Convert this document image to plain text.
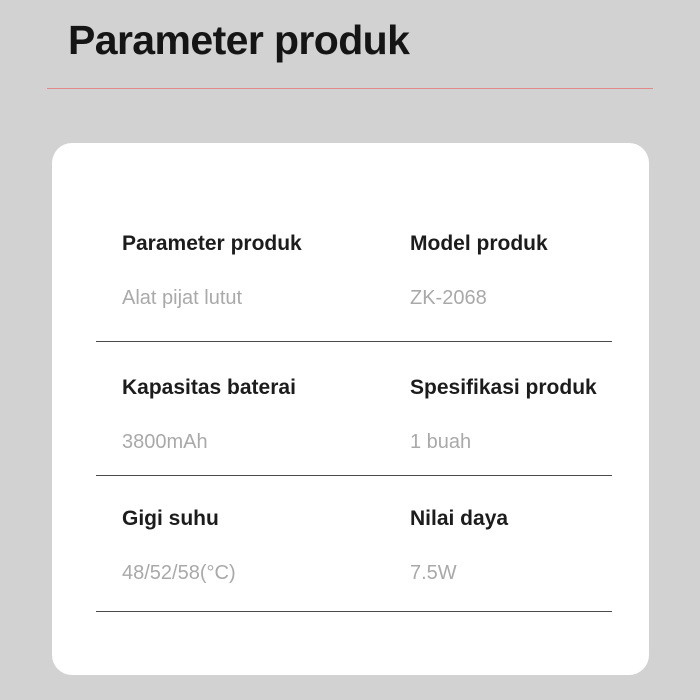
Parameter produk
Parameter produk
Alat pijat lutut
Model produk
ZK-2068
Kapasitas baterai
3800mAh
Spesifikasi produk
1 buah
Gigi suhu
48/52/58(°C)
Nilai daya
7.5W
